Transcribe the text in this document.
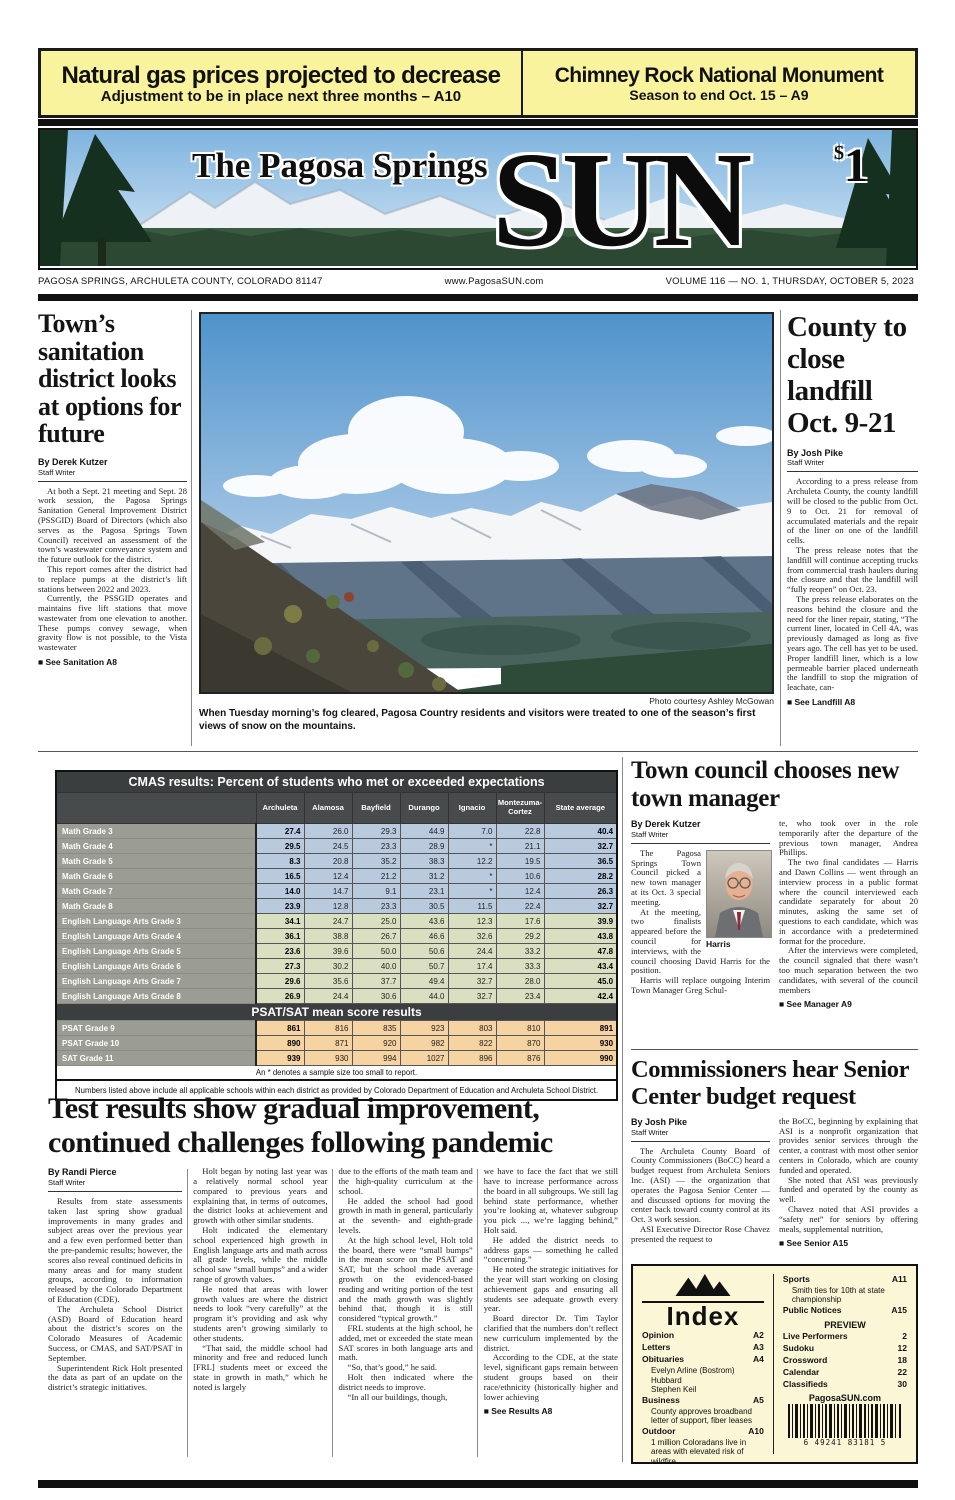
Natural gas prices projected to decrease
Adjustment to be in place next three months – A10
Chimney Rock National Monument
Season to end Oct. 15 – A9
The Pagosa Springs SUN	$1
PAGOSA SPRINGS, ARCHULETA COUNTY, COLORADO 81147	www.PagosaSUN.com	VOLUME 116 — NO. 1, THURSDAY, OCTOBER 5, 2023
Town’s sanitation district looks at options for future
By Derek Kutzer
Staff Writer

At both a Sept. 21 meeting and Sept. 28 work session, the Pagosa Springs Sanitation General Improvement District (PSSGID) Board of Directors (which also serves as the Pagosa Springs Town Council) received an assessment of the town’s wastewater conveyance system and the future outlook for the district.

This report comes after the district had to replace pumps at the district’s lift stations between 2022 and 2023.

Currently, the PSSGID operates and maintains five lift stations that move wastewater from one elevation to another. These pumps convey sewage, when gravity flow is not possible, to the Vista wastewater

■ See Sanitation A8
Photo courtesy Ashley McGowan
When Tuesday morning’s fog cleared, Pagosa Country residents and visitors were treated to one of the season’s first views of snow on the mountains.
County to close landfill Oct. 9-21
By Josh Pike
Staff Writer

According to a press release from Archuleta County, the county landfill will be closed to the public from Oct. 9 to Oct. 21 for removal of accumulated materials and the repair of the liner on one of the landfill cells.

The press release notes that the landfill will continue accepting trucks from commercial trash haulers during the closure and that the landfill will “fully reopen” on Oct. 23.

The press release elaborates on the reasons behind the closure and the need for the liner repair, stating, “The current liner, located in Cell 4A, was previously damaged as long as five years ago. The cell has yet to be used. Proper landfill liner, which is a low permeable barrier placed underneath the landfill to stop the migration of leachate, can-

■ See Landfill A8
CMAS results: Percent of students who met or exceeded expectations							
	Archuleta	Alamosa	Bayfield	Durango	Ignacio	Montezuma-Cortez	State average
Math Grade 3	27.4	26.0	29.3	44.9	7.0	22.8	40.4
Math Grade 4	29.5	24.5	23.3	28.9	*	21.1	32.7
Math Grade 5	8.3	20.8	35.2	38.3	12.2	19.5	36.5
Math Grade 6	16.5	12.4	21.2	31.2	*	10.6	28.2
Math Grade 7	14.0	14.7	9.1	23.1	*	12.4	26.3
Math Grade 8	23.9	12.8	23.3	30.5	11.5	22.4	32.7
English Language Arts Grade 3	34.1	24.7	25.0	43.6	12.3	17.6	39.9
English Language Arts Grade 4	36.1	38.8	26.7	46.6	32.6	29.2	43.8
English Language Arts Grade 5	23.6	39.6	50.0	50.6	24.4	33.2	47.8
English Language Arts Grade 6	27.3	30.2	40.0	50.7	17.4	33.3	43.4
English Language Arts Grade 7	29.6	35.6	37.7	49.4	32.7	28.0	45.0
English Language Arts Grade 8	26.9	24.4	30.6	44.0	32.7	23.4	42.4
PSAT/SAT mean score results							
PSAT Grade 9	861	816	835	923	803	810	891
PSAT Grade 10	890	871	920	982	822	870	930
SAT Grade 11	939	930	994	1027	896	876	990
An * denotes a sample size too small to report.							
Numbers listed above include all applicable schools within each district as provided by Colorado Department of Education and Archuleta School District.							
Town council chooses new town manager
By Derek Kutzer
Staff Writer
Harris

The Pagosa Springs Town Council picked a new town manager at its Oct. 3 special meeting.

At the meeting, two finalists appeared before the council for interviews, with the council choosing David Harris for the position.

Harris will replace outgoing Interim Town Manager Greg Schul-

te, who took over in the role temporarily after the departure of the previous town manager, Andrea Phillips.

The two final candidates — Harris and Dawn Collins — went through an interview process in a public format where the council interviewed each candidate separately for about 20 minutes, asking the same set of questions to each candidate, which was in accordance with a predetermined format for the procedure.

After the interviews were completed, the council signaled that there wasn’t too much separation between the two candidates, with several of the council members

■ See Manager A9
Commissioners hear Senior Center budget request
By Josh Pike
Staff Writer

The Archuleta County Board of County Commissioners (BoCC) heard a budget request from Archuleta Seniors Inc. (ASI) — the organization that operates the Pagosa Senior Center — and discussed options for moving the center back toward county control at its Oct. 3 work session.

ASI Executive Director Rose Chavez presented the request to

the BoCC, beginning by explaining that ASI is a nonprofit organization that provides senior services through the center, a contrast with most other senior centers in Colorado, which are county funded and operated.

She noted that ASI was previously funded and operated by the county as well.

Chavez noted that ASI provides a “safety net” for seniors by offering meals, supplemental nutrition,

■ See Senior A15
Test results show gradual improvement, continued challenges following pandemic
By Randi Pierce
Staff Writer

Results from state assessments taken last spring show gradual improvements in many grades and subject areas over the previous year and a few even performed better than the pre-pandemic results; however, the scores also reveal continued deficits in many areas and for many student groups, according to information released by the Colorado Department of Education (CDE).

The Archuleta School District (ASD) Board of Education heard about the district’s scores on the Colorado Measures of Academic Success, or CMAS, and SAT/PSAT in September.

Superintendent Rick Holt presented the data as part of an update on the district’s strategic initiatives.

Holt began by noting last year was a relatively normal school year compared to previous years and explaining that, in terms of outcomes, the district looks at achievement and growth with other similar students.

Holt indicated the elementary school experienced high growth in English language arts and math across all grade levels, while the middle school saw “small bumps” and a wider range of growth values.

He noted that areas with lower growth values are where the district needs to look “very carefully” at the program it’s providing and ask why students aren’t growing similarly to other students.

“That said, the middle school had minority and free and reduced lunch [FRL] students meet or exceed the state in growth in math,” which he noted is largely

due to the efforts of the math team and the high-quality curriculum at the school.

He added the school had good growth in math in general, particularly at the seventh- and eighth-grade levels.

At the high school level, Holt told the board, there were “small bumps” in the mean score on the PSAT and SAT, but the school made average growth on the evidenced-based reading and writing portion of the test and the math growth was slightly behind that, though it is still considered “typical growth.”

FRL students at the high school, he added, met or exceeded the state mean SAT scores in both language arts and math.

“So, that’s good,” he said.

Holt then indicated where the district needs to improve.

“In all our buildings, though,

we have to face the fact that we still have to increase performance across the board in all subgroups. We still lag behind state performance, whether you’re looking at, whatever subgroup you pick ..., we’re lagging behind,” Holt said.

He added the district needs to address gaps — something he called “concerning.”

He noted the strategic initiatives for the year will start working on closing achievement gaps and ensuring all students see adequate growth every year.

Board director Dr. Tim Taylor clarified that the numbers don’t reflect new curriculum implemented by the district.

According to the CDE, at the state level, significant gaps remain between student groups based on their race/ethnicity (historically higher and lower achieving

■ See Results A8
Index
Opinion	A2
Letters	A3
Obituaries	A4
Evelyn Arline (Bostrom) Hubbard
Stephen Keil
Business	A5
County approves broadband letter of support, fiber leases
Outdoor	A10
1 million Coloradans live in areas with elevated risk of wildfire
Sports	A11
Smith ties for 10th at state championship
Public Notices	A15
PREVIEW
Live Performers	2
Sudoku	12
Crossword	18
Calendar	22
Classifieds	30
PagosaSUN.com
6 49241 83181 5
